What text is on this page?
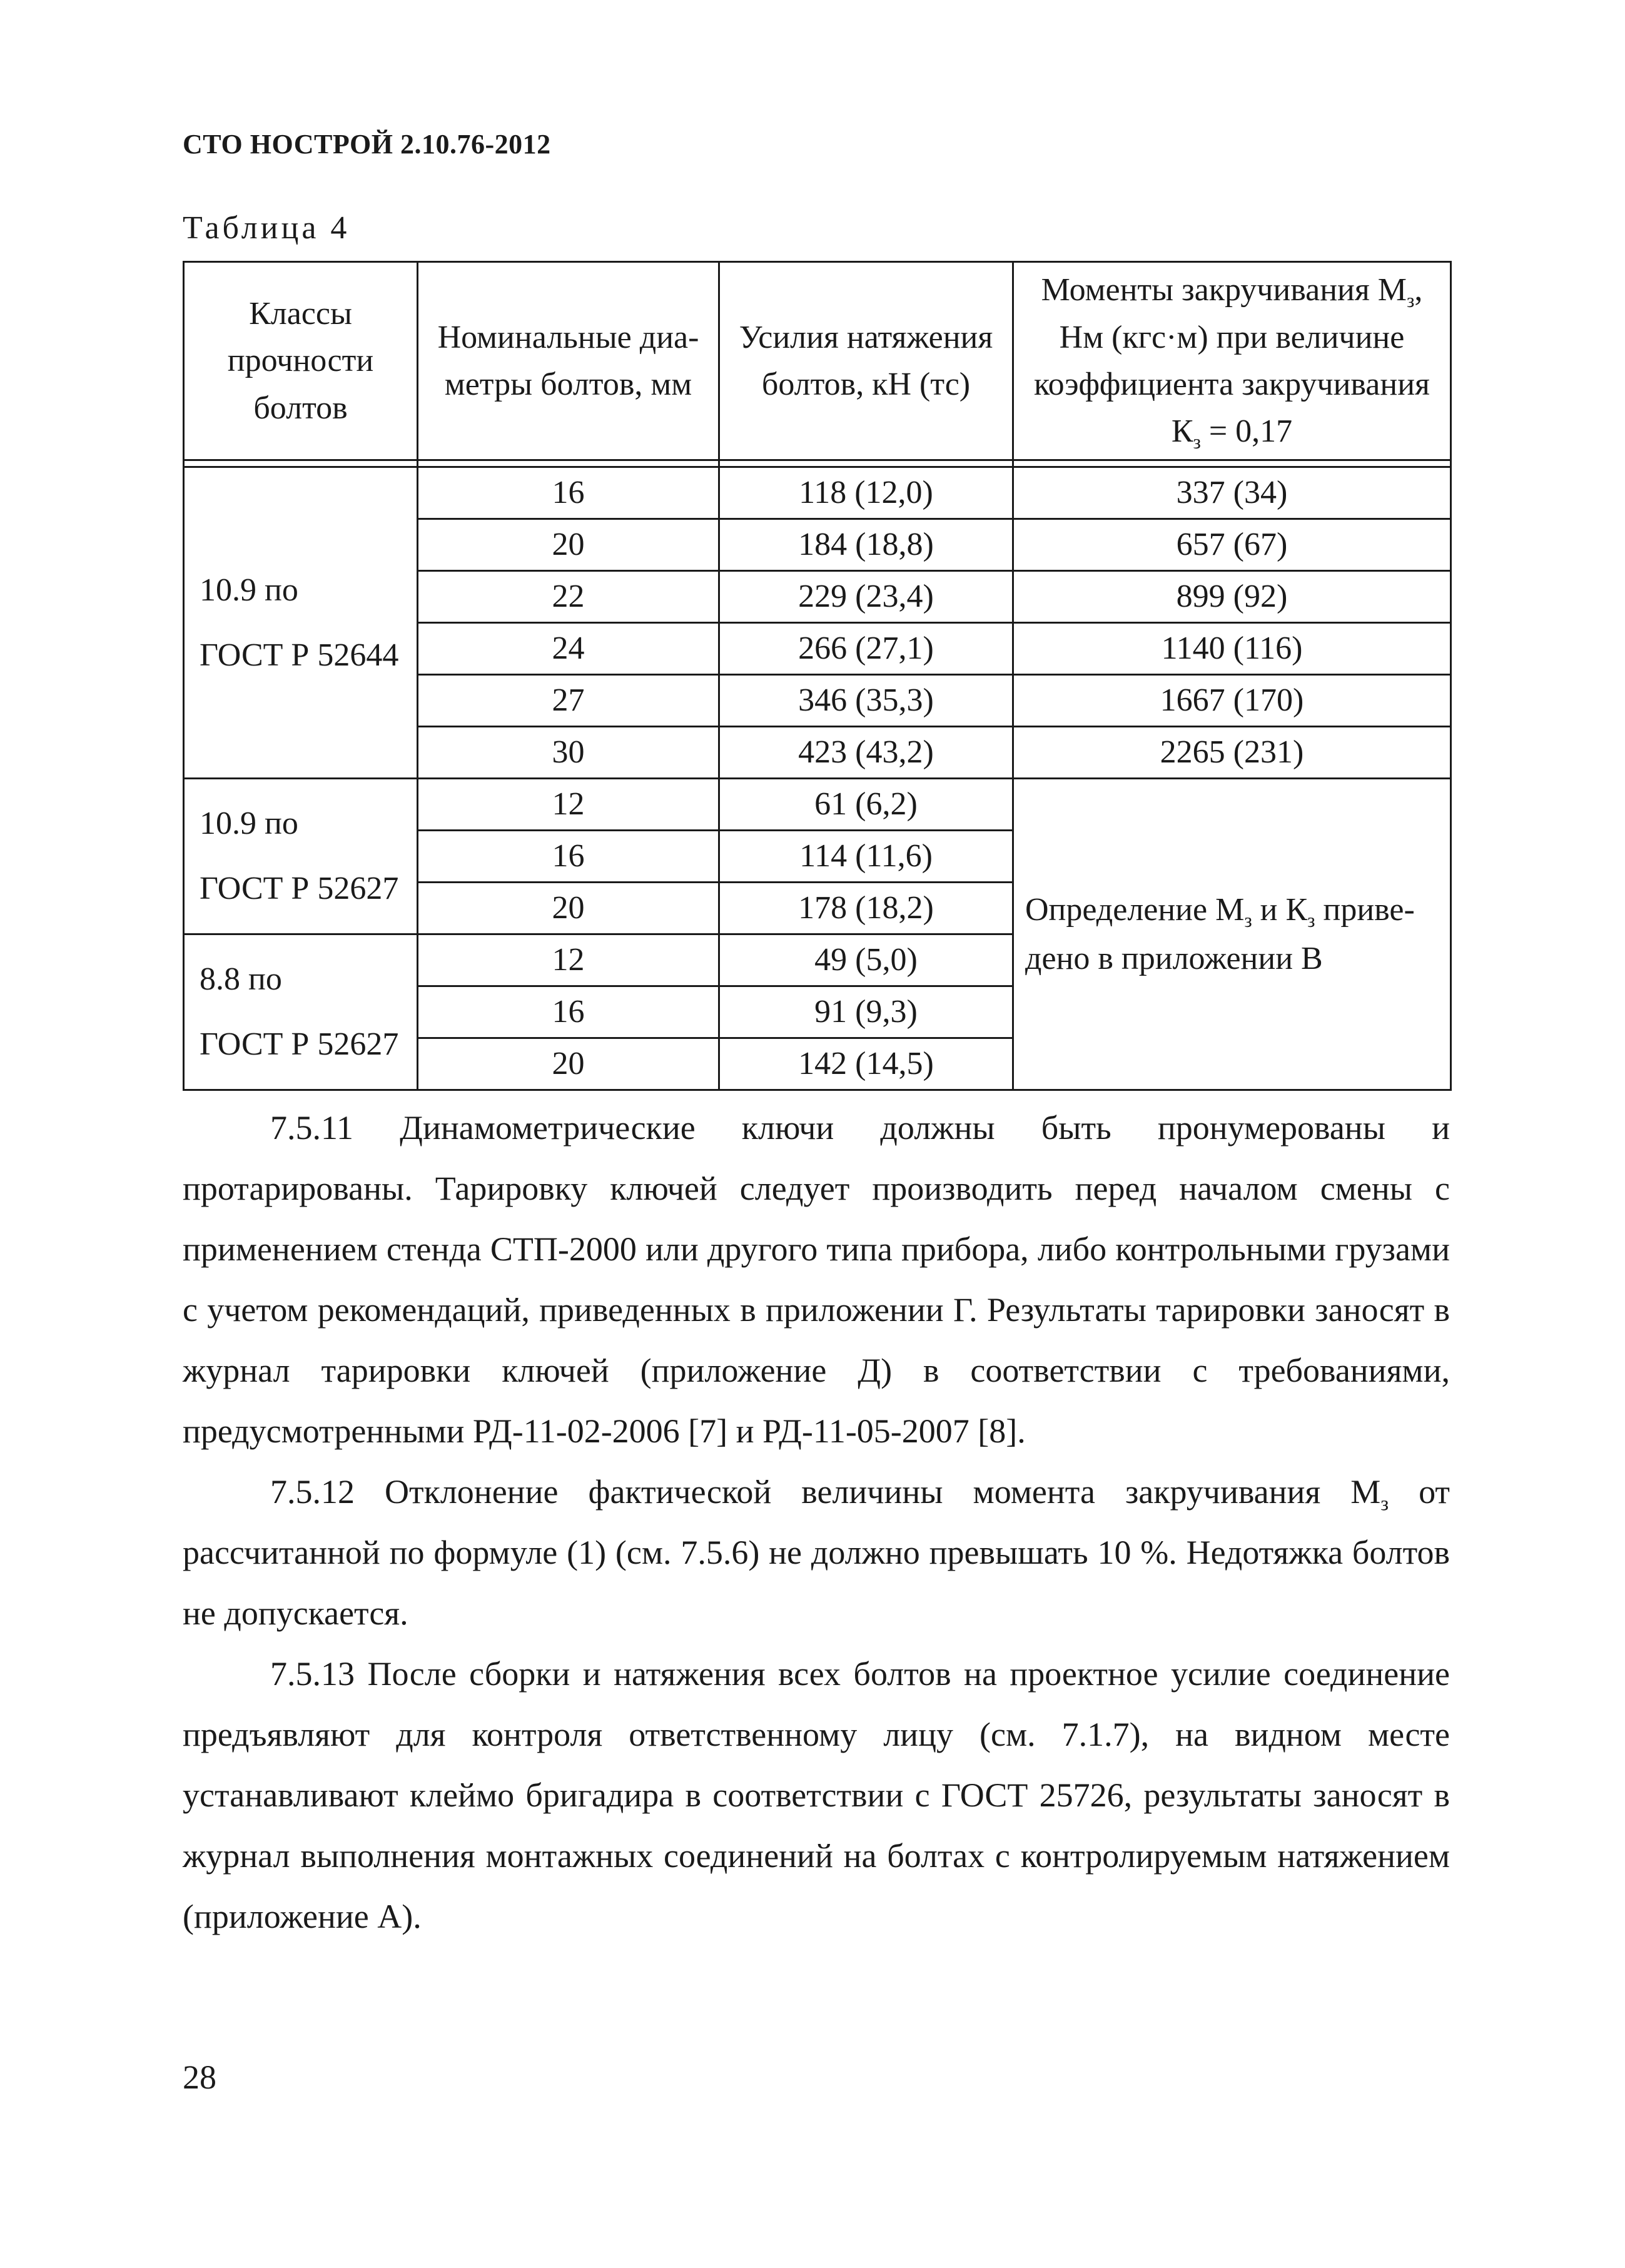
СТО НОСТРОЙ 2.10.76-2012
Таблица 4
Классы прочности болтов	Номинальные диа-метры болтов, мм	Усилия натяжения болтов, кН (тс)	Моменты закручивания $М_з$,
Нм (кгс·м) при величине коэффициента закручивания
$К_з = 0,17$

10.9 по
ГОСТ Р 52644	16	118 (12,0)	337 (34)
	20	184 (18,8)	657 (67)
	22	229 (23,4)	899 (92)
	24	266 (27,1)	1140 (116)
	27	346 (35,3)	1667 (170)
	30	423 (43,2)	2265 (231)
10.9 по
ГОСТ Р 52627	12	61 (6,2)	Определение $М_з$ и $К_з$ приве-дено в приложении В
	16	114 (11,6)	
	20	178 (18,2)	
8.8 по
ГОСТ Р 52627	12	49 (5,0)	
	16	91 (9,3)	
	20	142 (14,5)	

7.5.11 Динамометрические ключи должны быть пронумерованы и протарированы. Тарировку ключей следует производить перед началом смены с применением стенда СТП-2000 или другого типа прибора, либо контрольными грузами с учетом рекомендаций, приведенных в приложении Г. Результаты тарировки заносят в журнал тарировки ключей (приложение Д) в соответствии с требованиями, предусмотренными РД-11-02-2006 [7] и РД-11-05-2007 [8].

7.5.12 Отклонение фактической величины момента закручивания $М_з$ от рассчитанной по формуле (1) (см. 7.5.6) не должно превышать 10 %. Недотяжка болтов не допускается.

7.5.13 После сборки и натяжения всех болтов на проектное усилие соединение предъявляют для контроля ответственному лицу (см. 7.1.7), на видном месте устанавливают клеймо бригадира в соответствии с ГОСТ 25726, результаты заносят в журнал выполнения монтажных соединений на болтах с контролируемым натяжением (приложение А).

28
